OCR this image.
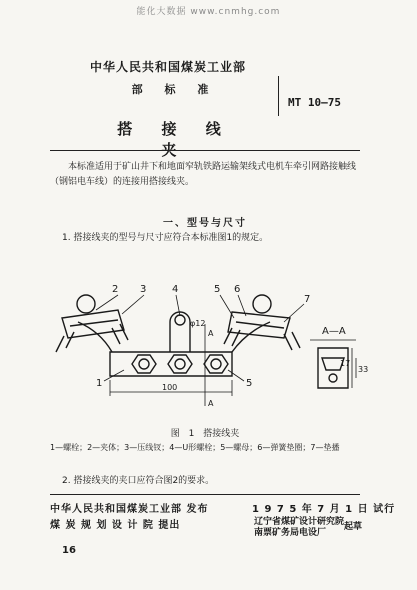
能化大数据 www.cnmhg.com
中华人民共和国煤炭工业部
部 标 准
搭 接 线 夹
MT 10—75
本标准适用于矿山井下和地面窄轨铁路运输架线式电机车牵引网路接触线（钢铝电车线）的连接用搭接线夹。
一、型号与尺寸
1. 搭接线夹的型号与尺寸应符合本标准图1的规定。
2 3	4	5 6
7
1	5
φ12
100
A
A
A—A
33
17
图 1 搭接线夹
1—螺栓；2—夹体；3—压线钗；4—U形螺栓；5—螺母；6—弹簧垫圈；7—垫播
2. 搭接线夹的夹口应符合图2的要求。
中华人民共和国煤炭工业部 发布	1 9 7 5 年 7 月 1 日 试行
煤 炭 规 划 设 计 院 提出	辽宁省煤矿设计研究院
南票矿务局电设厂
起草
16
